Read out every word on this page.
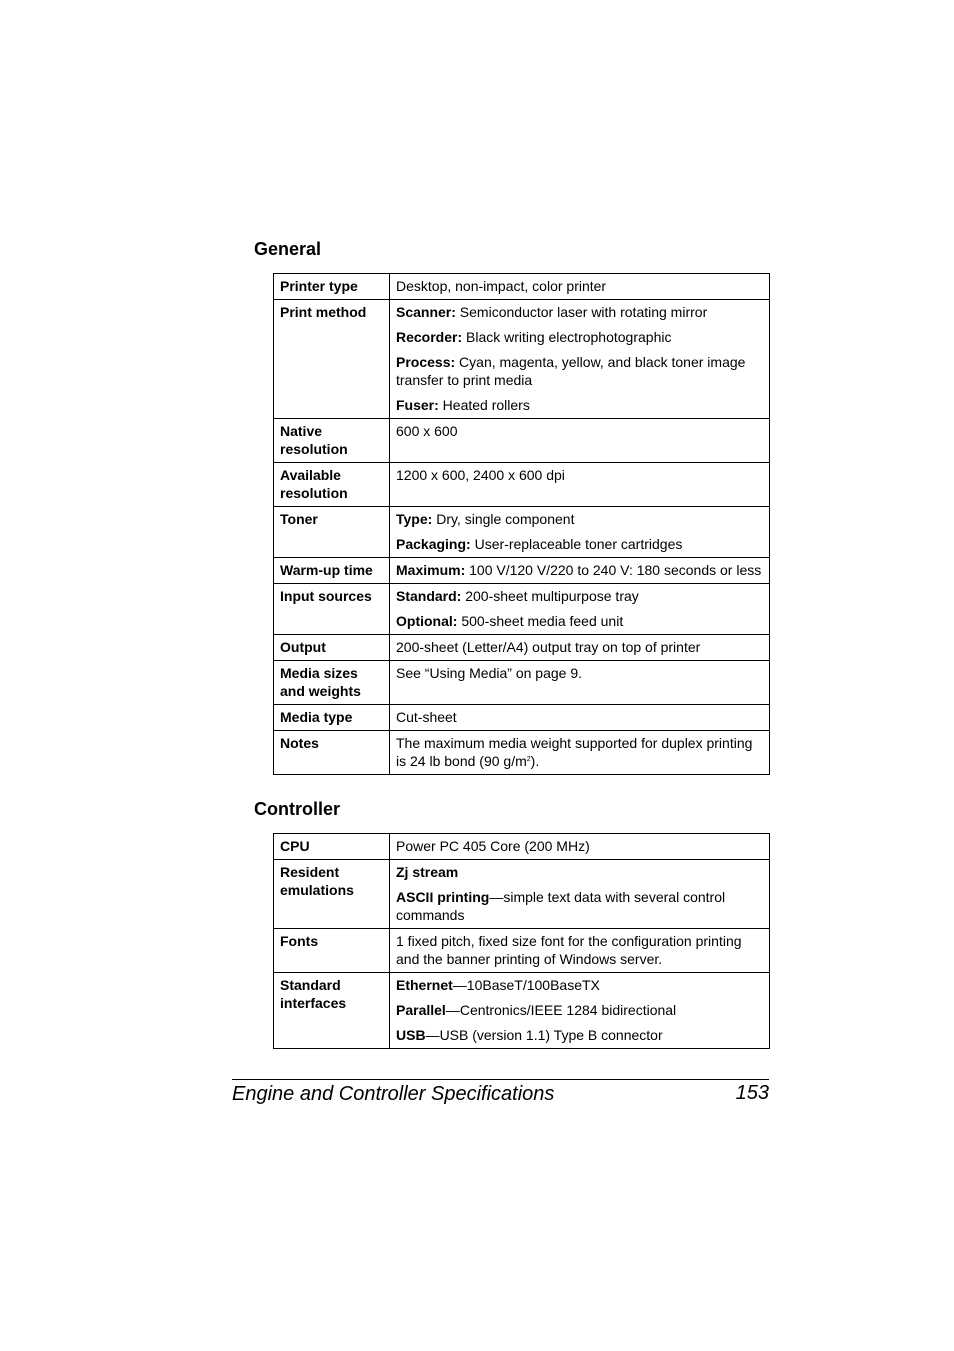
General
Printer type	Desktop, non-impact, color printer
Print method	Scanner: Semiconductor laser with rotating mirror

Recorder: Black writing electrophotographic

Process: Cyan, magenta, yellow, and black toner image transfer to print media

Fuser: Heated rollers

Native resolution	600 x 600
Available resolution	1200 x 600, 2400 x 600 dpi
Toner	Type: Dry, single component

Packaging: User-replaceable toner cartridges

Warm-up time	Maximum: 100 V/120 V/220 to 240 V: 180 seconds or less

Input sources	Standard: 200-sheet multipurpose tray

Optional: 500-sheet media feed unit

Output	200-sheet (Letter/A4) output tray on top of printer
Media sizes and weights	See “Using Media” on page 9.
Media type	Cut-sheet
Notes	The maximum media weight supported for duplex printing is 24 lb bond (90 $g/m^2$).
Controller
CPU	Power PC 405 Core (200 MHz)
Resident emulations	Zj stream

ASCII printing—simple text data with several control commands

Fonts	1 fixed pitch, fixed size font for the configuration printing and the banner printing of Windows server.
Standard interfaces	Ethernet—10BaseT/100BaseTX

Parallel—Centronics/IEEE 1284 bidirectional

USB—USB (version 1.1) Type B connector

Engine and Controller Specifications	153
